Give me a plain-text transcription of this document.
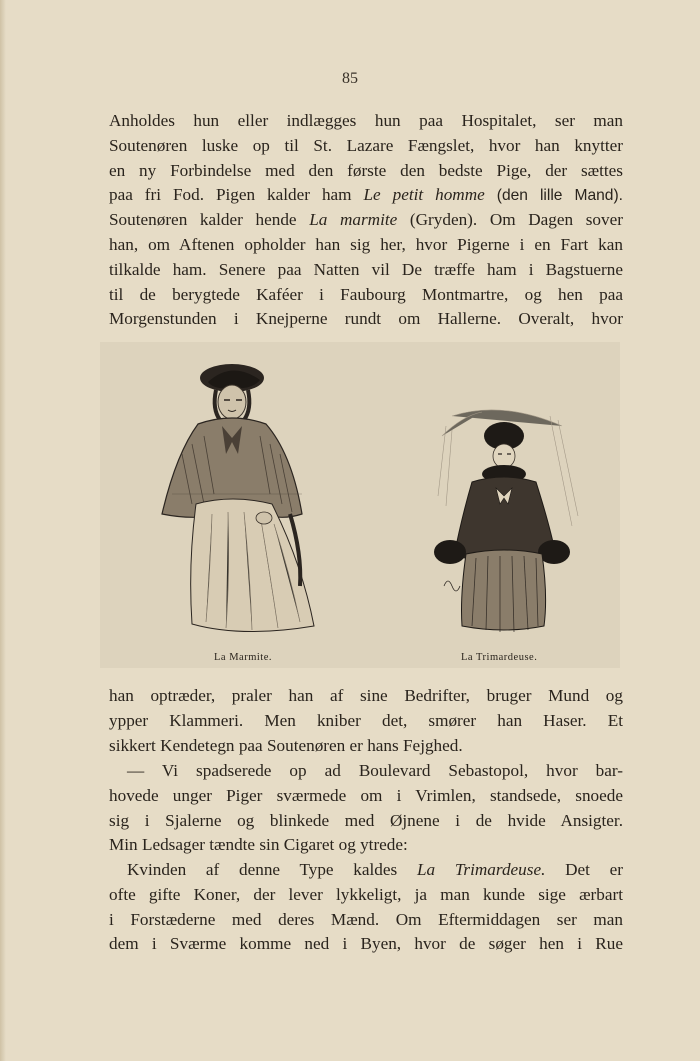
85
Anholdes hun eller indlægges hun paa Hospitalet, ser man
Soutenøren luske op til St. Lazare Fængslet, hvor han knytter
en ny Forbindelse med den første den bedste Pige, der sættes
paa fri Fod. Pigen kalder ham Le petit homme (den lille Mand).
Soutenøren kalder hende La marmite (Gryden). Om Dagen sover
han, om Aftenen opholder han sig her, hvor Pigerne i en Fart kan
tilkalde ham. Senere paa Natten vil De træffe ham i Bagstuerne
til de berygtede Kaféer i Faubourg Montmartre, og hen paa
Morgenstunden i Knejperne rundt om Hallerne. Overalt, hvor
La Marmite.	La Trimardeuse.
han optræder, praler han af sine Bedrifter, bruger Mund og
ypper Klammeri. Men kniber det, smører han Haser. Et
sikkert Kendetegn paa Soutenøren er hans Fejghed.
— Vi spadserede op ad Boulevard Sebastopol, hvor bar-
hovede unger Piger sværmede om i Vrimlen, standsede, snoede
sig i Sjalerne og blinkede med Øjnene i de hvide Ansigter.
Min Ledsager tændte sin Cigaret og ytrede:
Kvinden af denne Type kaldes La Trimardeuse. Det er
ofte gifte Koner, der lever lykkeligt, ja man kunde sige ærbart
i Forstæderne med deres Mænd. Om Eftermiddagen ser man
dem i Sværme komme ned i Byen, hvor de søger hen i Rue
